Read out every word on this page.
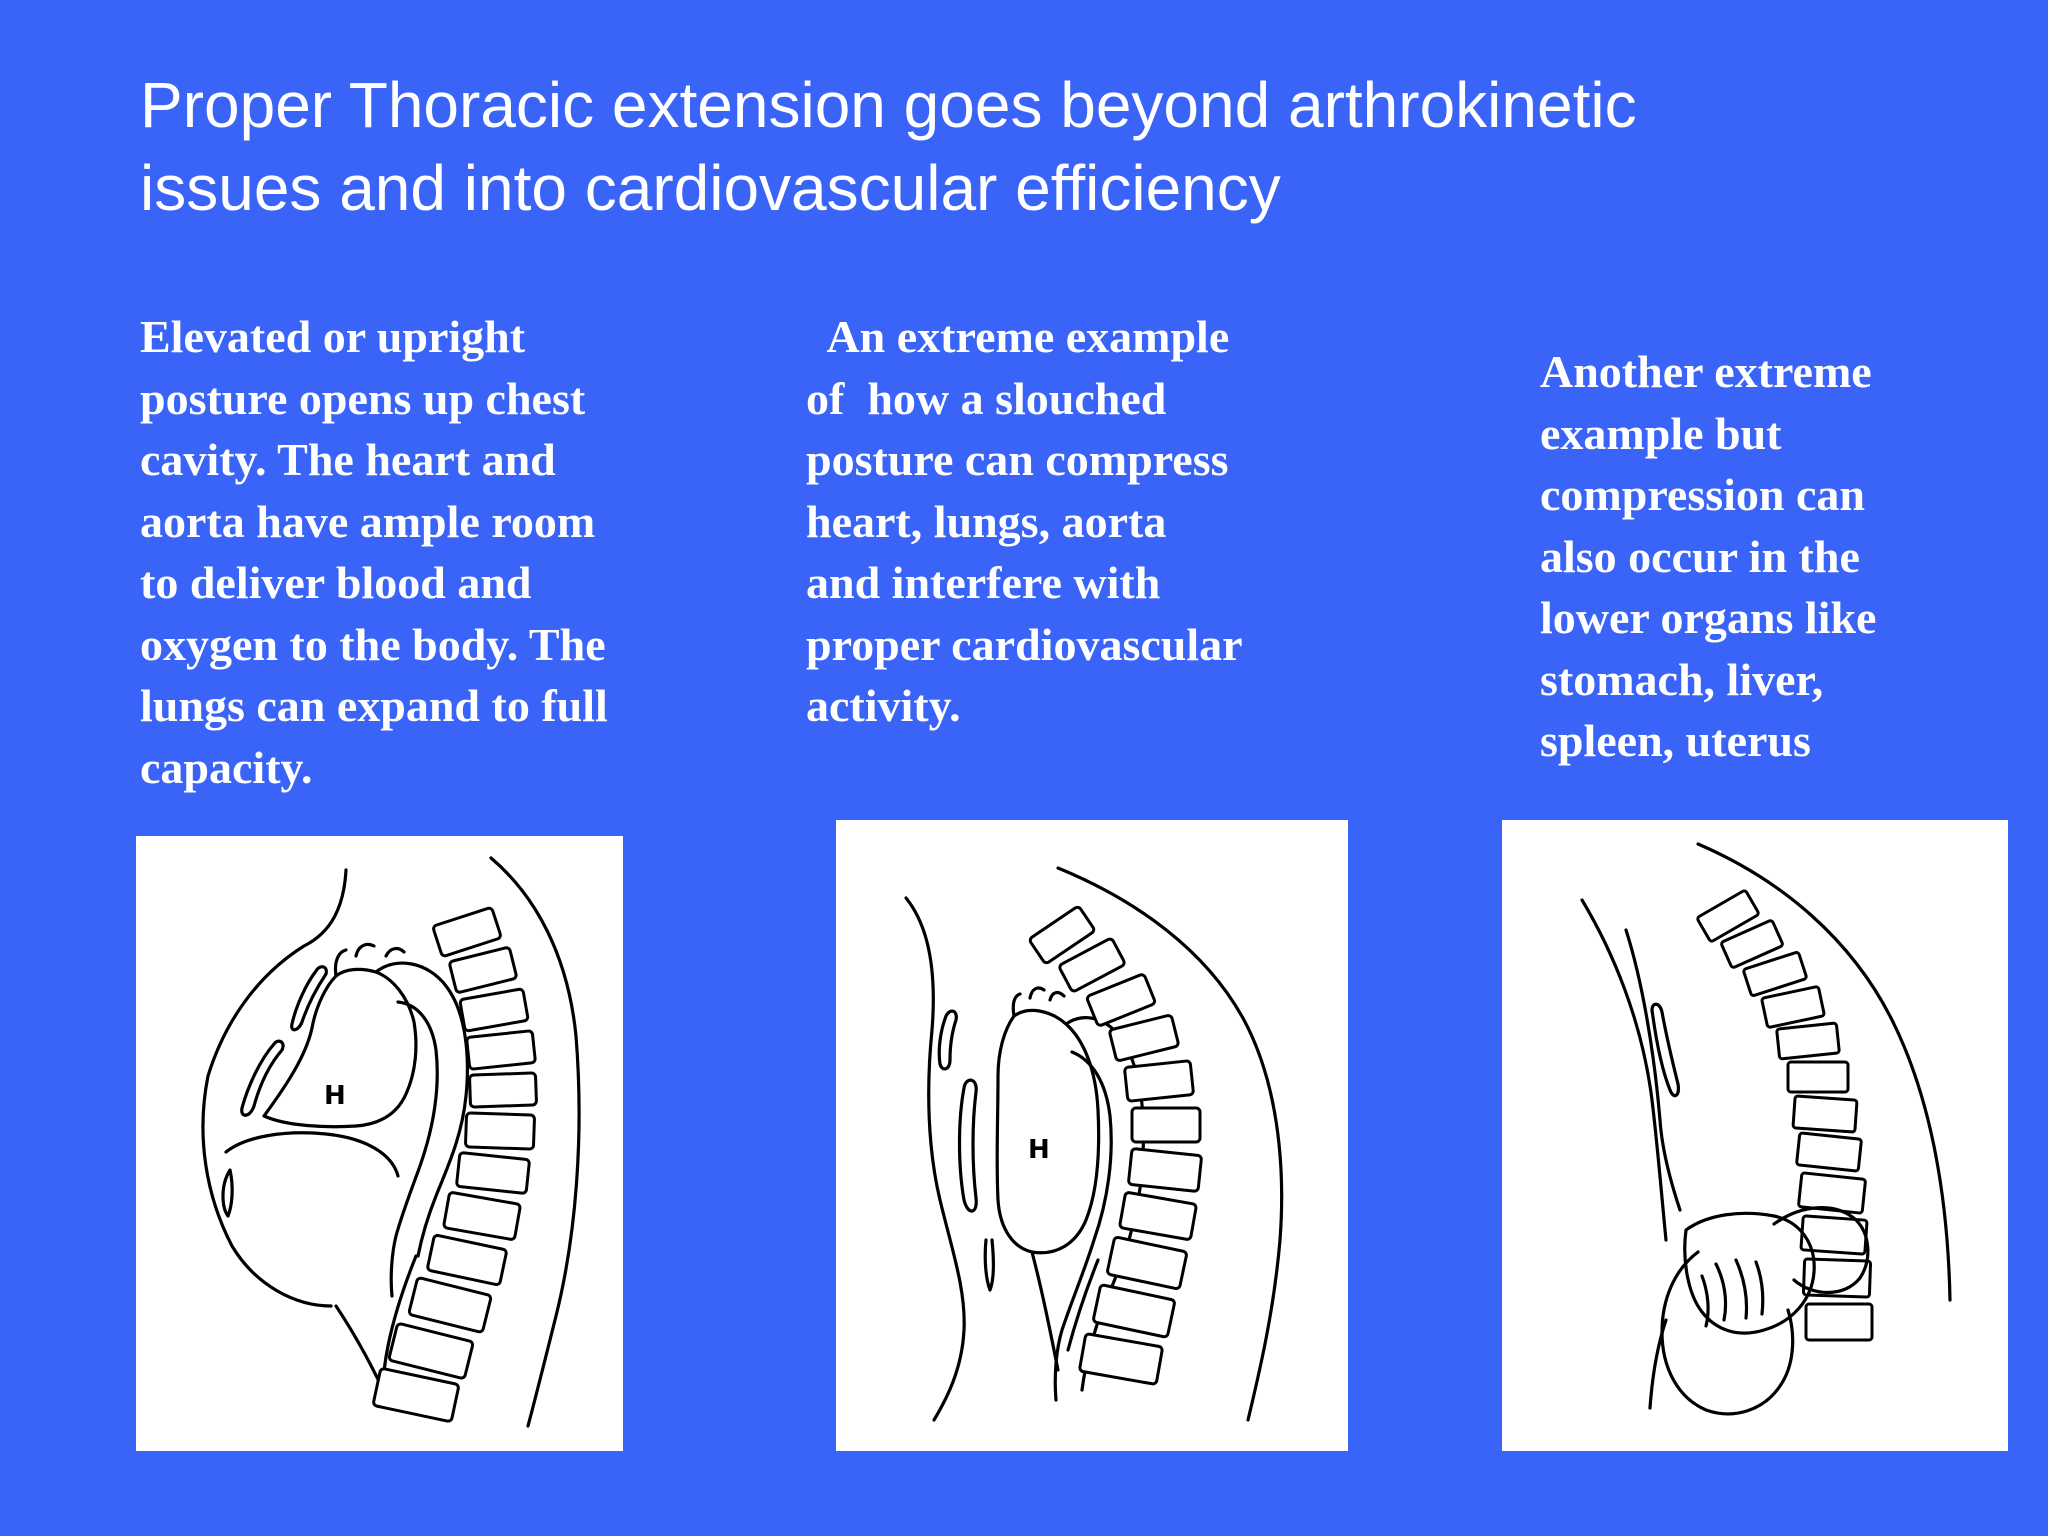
Proper Thoracic extension goes beyond arthrokinetic
issues and into cardiovascular efficiency
Elevated or upright
posture opens up chest
cavity. The heart and
aorta have ample room
to deliver blood and
oxygen to the body. The
lungs can expand to full
capacity.
An extreme example
of  how a slouched
posture can compress
heart, lungs, aorta
and interfere with
proper cardiovascular
activity.
Another extreme
example but
compression can
also occur in the
lower organs like
stomach, liver,
spleen, uterus
H
H
